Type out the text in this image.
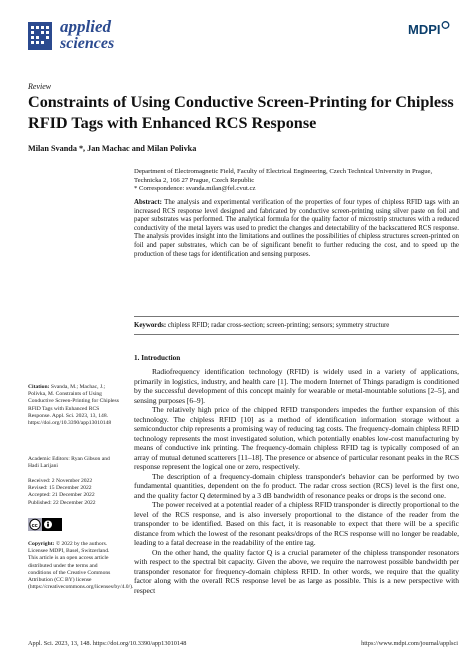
applied
sciences
MDPI
Review
Constraints of Using Conductive Screen-Printing for Chipless RFID Tags with Enhanced RCS Response
Milan Svanda *, Jan Machac and Milan Polivka
Department of Electromagnetic Field, Faculty of Electrical Engineering, Czech Technical University in Prague,
Technicka 2, 166 27 Prague, Czech Republic
* Correspondence: svanda.milan@fel.cvut.cz
Abstract: The analysis and experimental verification of the properties of four types of chipless RFID tags with an increased RCS response level designed and fabricated by conductive screen-printing using silver paste on foil and paper substrates was performed. The analytical formula for the quality factor of microstrip structures with a reduced conductivity of the metal layers was used to predict the changes and detectability of the backscattered RCS response. The analysis provides insight into the limitations and outlines the possibilities of chipless structures screen-printed on foil and paper substrates, which can be of significant benefit to further reducing the cost, and to speed up the production of these tags for identification and sensing purposes.
Keywords: chipless RFID; radar cross-section; screen-printing; sensors; symmetry structure
1. Introduction

Radiofrequency identification technology (RFID) is widely used in a variety of applications, primarily in logistics, industry, and health care [1]. The modern Internet of Things paradigm is conditioned by the successful development of this concept mainly for wearable or metal-mountable solutions [2–5], and sensing purposes [6–9].

The relatively high price of the chipped RFID transponders impedes the further expansion of this technology. The chipless RFID [10] as a method of identification information storage without a semiconductor chip represents a promising way of reducing tag costs. The frequency-domain chipless RFID technology represents the most investigated solution, which potentially enables low-cost manufacturing by means of conductive ink printing. The frequency-domain chipless RFID tag is typically composed of an array of mutual detuned scatterers [11–18]. The presence or absence of particular resonant peaks in the RCS response represent the logical one or zero, respectively.

The description of a frequency-domain chipless transponder's behavior can be performed by two fundamental quantities, dependent on the fo product. The radar cross section (RCS) level is the first one, and the quality factor Q determined by a 3 dB bandwidth of resonance peaks or drops is the second one.

The power received at a potential reader of a chipless RFID transponder is directly proportional to the level of the RCS response, and is also inversely proportional to the distance of the reader from the transponder to be identified. Based on this fact, it is reasonable to expect that there will be a specific distance from which the lowest of the resonant peaks/drops of the RCS response will no longer be readable, leading to a fatal decrease in the readability of the entire tag.

On the other hand, the quality factor Q is a crucial parameter of the chipless transponder resonators with respect to the spectral bit capacity. Given the above, we require the narrowest possible bandwidth per transponder resonator for frequency-domain chipless RFID. In other words, we require that the quality factor along with the overall RCS response level be as large as possible. This is a new perspective with respect

Citation: Svanda, M.; Machac, J.; Polivka, M. Constraints of Using Conductive Screen-Printing for Chipless RFID Tags with Enhanced RCS Response. Appl. Sci. 2023, 13, 148. https://doi.org/10.3390/app13010148
Academic Editors: Ryan Gibson and Hadi Larijani
Received: 2 November 2022
Revised: 15 December 2022
Accepted: 21 December 2022
Published: 22 December 2022
cc
Copyright: © 2022 by the authors. Licensee MDPI, Basel, Switzerland. This article is an open access article distributed under the terms and conditions of the Creative Commons Attribution (CC BY) license (https://creativecommons.org/licenses/by/4.0/).
Appl. Sci. 2023, 13, 148. https://doi.org/10.3390/app13010148	https://www.mdpi.com/journal/applsci
